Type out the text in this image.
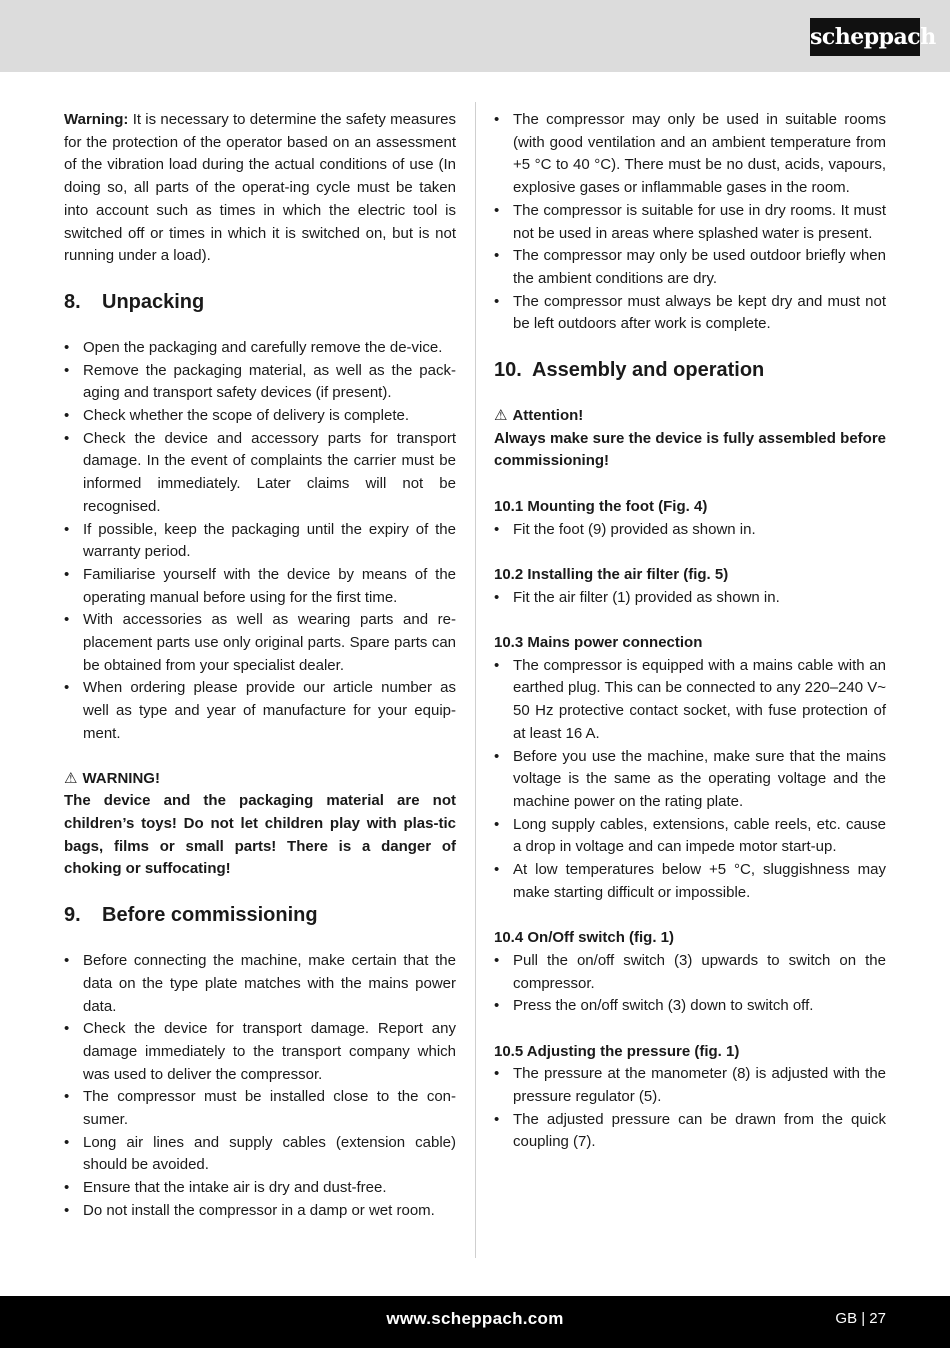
scheppach

Warning: It is necessary to determine the safety measures for the protection of the operator based on an assessment of the vibration load during the actual conditions of use (In doing so, all parts of the operat-ing cycle must be taken into account such as times in which the electric tool is switched off or times in which it is switched on, but is not running under a load).

8.	Unpacking
• Open the packaging and carefully remove the de-vice.
• Remove the packaging material, as well as the pack-aging and transport safety devices (if present).
• Check whether the scope of delivery is complete.
• Check the device and accessory parts for transport damage. In the event of complaints the carrier must be informed immediately. Later claims will not be recognised.
• If possible, keep the packaging until the expiry of the warranty period.
• Familiarise yourself with the device by means of the operating manual before using for the first time.
• With accessories as well as wearing parts and re-placement parts use only original parts. Spare parts can be obtained from your specialist dealer.
• When ordering please provide our article number as well as type and year of manufacture for your equip-ment.

⚠ WARNING!

The device and the packaging material are not children’s toys! Do not let children play with plas-tic bags, films or small parts! There is a danger of choking or suffocating!

9.	Before commissioning
• Before connecting the machine, make certain that the data on the type plate matches with the mains power data.
• Check the device for transport damage. Report any damage immediately to the transport company which was used to deliver the compressor.
• The compressor must be installed close to the con-sumer.
• Long air lines and supply cables (extension cable) should be avoided.
• Ensure that the intake air is dry and dust-free.
• Do not install the compressor in a damp or wet room.
• The compressor may only be used in suitable rooms (with good ventilation and an ambient temperature from +5 °C to 40 °C). There must be no dust, acids, vapours, explosive gases or inflammable gases in the room.
• The compressor is suitable for use in dry rooms. It must not be used in areas where splashed water is present.
• The compressor may only be used outdoor briefly when the ambient conditions are dry.
• The compressor must always be kept dry and must not be left outdoors after work is complete.
10. Assembly and operation

⚠ Attention!

Always make sure the device is fully assembled before commissioning!

10.1 Mounting the foot (Fig. 4)

• Fit the foot (9) provided as shown in.

10.2 Installing the air filter (fig. 5)

• Fit the air filter (1) provided as shown in.

10.3 Mains power connection

• The compressor is equipped with a mains cable with an earthed plug. This can be connected to any 220–240 V~ 50 Hz protective contact socket, with fuse protection of at least 16 A.
• Before you use the machine, make sure that the mains voltage is the same as the operating voltage and the machine power on the rating plate.
• Long supply cables, extensions, cable reels, etc. cause a drop in voltage and can impede motor start-up.
• At low temperatures below +5 °C, sluggishness may make starting difficult or impossible.

10.4 On/Off switch (fig. 1)

• Pull the on/off switch (3) upwards to switch on the compressor.
• Press the on/off switch (3) down to switch off.

10.5 Adjusting the pressure (fig. 1)

• The pressure at the manometer (8) is adjusted with the pressure regulator (5).
• The adjusted pressure can be drawn from the quick coupling (7).
www.scheppach.com	GB | 27
